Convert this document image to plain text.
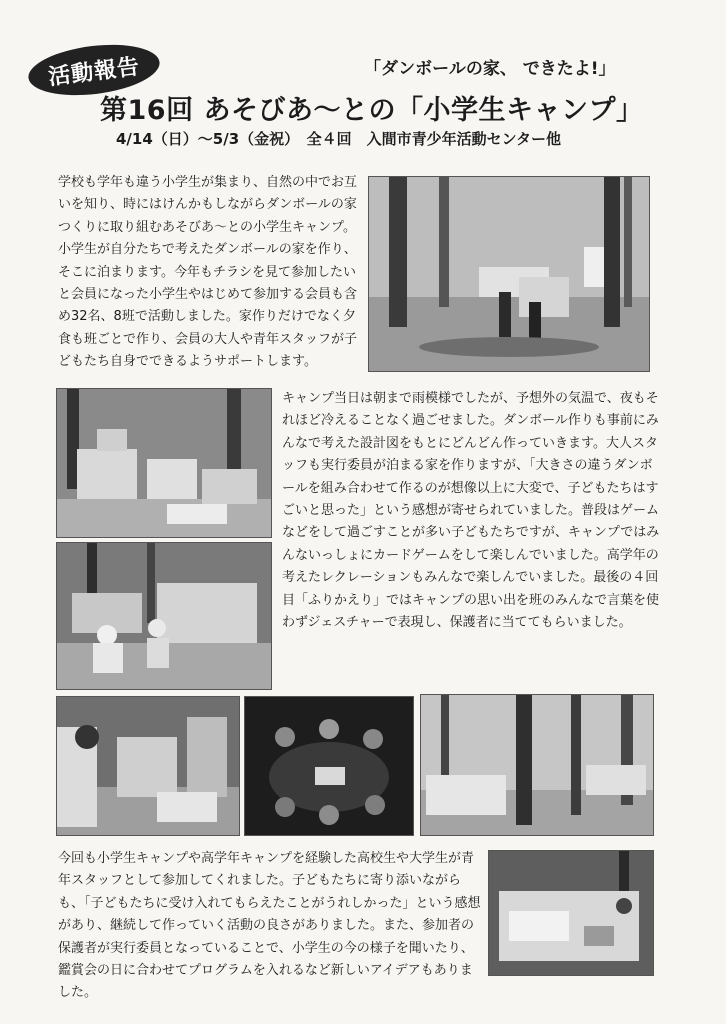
活動報告	「ダンボールの家、 できたよ!」
第16回 あそびあ～との「小学生キャンプ」
4/14（日）～5/3（金祝）　全４回　入間市青少年活動センター他

学校も学年も違う小学生が集まり、自然の中でお互いを知り、時にはけんかもしながらダンボールの家つくりに取り組むあそびあ～との小学生キャンプ。小学生が自分たちで考えたダンボールの家を作り、そこに泊まります。今年もチラシを見て参加したいと会員になった小学生やはじめて参加する会員も含め32名、8班で活動しました。家作りだけでなく夕食も班ごとで作り、会員の大人や青年スタッフが子どもたち自身でできるようサポートします。

キャンプ当日は朝まで雨模様でしたが、予想外の気温で、夜もそれほど冷えることなく過ごせました。ダンボール作りも事前にみんなで考えた設計図をもとにどんどん作っていきます。大人スタッフも実行委員が泊まる家を作りますが、「大きさの違うダンボールを組み合わせて作るのが想像以上に大変で、子どもたちはすごいと思った」という感想が寄せられていました。普段はゲームなどをして過ごすことが多い子どもたちですが、キャンプではみんないっしょにカードゲームをして楽しんでいました。高学年の考えたレクレーションもみんなで楽しんでいました。最後の４回目「ふりかえり」ではキャンプの思い出を班のみんなで言葉を使わずジェスチャーで表現し、保護者に当ててもらいました。

今回も小学生キャンプや高学年キャンプを経験した高校生や大学生が青年スタッフとして参加してくれました。子どもたちに寄り添いながらも、「子どもたちに受け入れてもらえたことがうれしかった」という感想があり、継続して作っていく活動の良さがありました。また、参加者の保護者が実行委員となっていることで、小学生の今の様子を聞いたり、鑑賞会の日に合わせてプログラムを入れるなど新しいアイデアもありました。
